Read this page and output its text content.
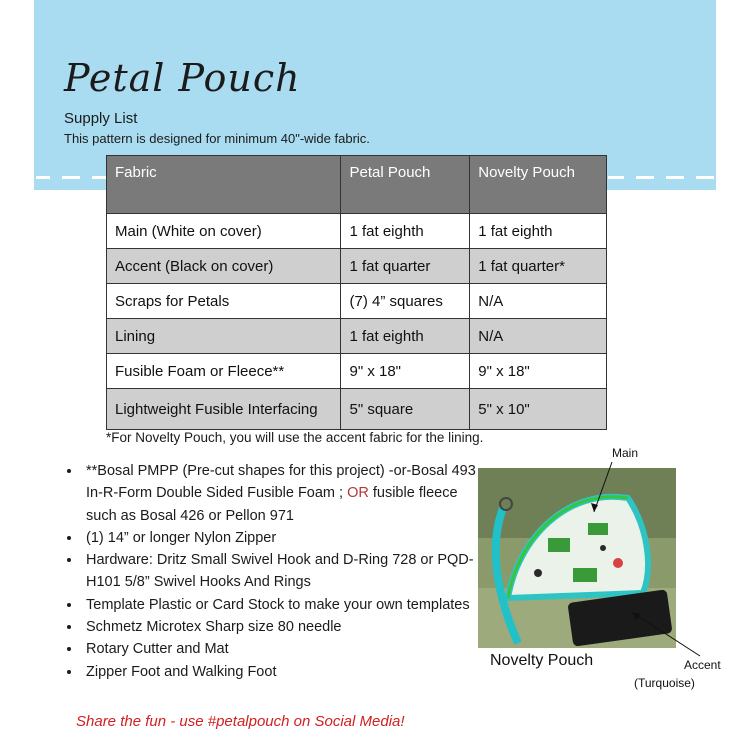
Petal Pouch
Supply List
This pattern is designed for minimum 40"-wide fabric.
Fabric	Petal Pouch	Novelty Pouch
Main (White on cover)	1 fat eighth	1 fat eighth
Accent (Black on cover)	1 fat quarter	1 fat quarter*
Scraps for Petals	(7) 4” squares	N/A
Lining	1 fat eighth	N/A
Fusible Foam or Fleece**	9" x 18"	9" x 18"
Lightweight Fusible Interfacing	5" square	5" x 10"
*For Novelty Pouch, you will use the accent fabric for the lining.
• **Bosal PMPP (Pre-cut shapes for this project) -or-Bosal 493 In-R-Form Double Sided Fusible Foam ; OR fusible fleece such as Bosal 426 or Pellon 971
• (1) 14” or longer Nylon Zipper
• Hardware: Dritz Small Swivel Hook and D-Ring 728 or PQD-H101 5/8” Swivel Hooks And Rings
• Template Plastic or Card Stock to make your own templates
• Schmetz Microtex Sharp size 80 needle
• Rotary Cutter and Mat
• Zipper Foot and Walking Foot
Share the fun - use #petalpouch on Social Media!
Novelty Pouch
Main
Accent
(Turquoise)
